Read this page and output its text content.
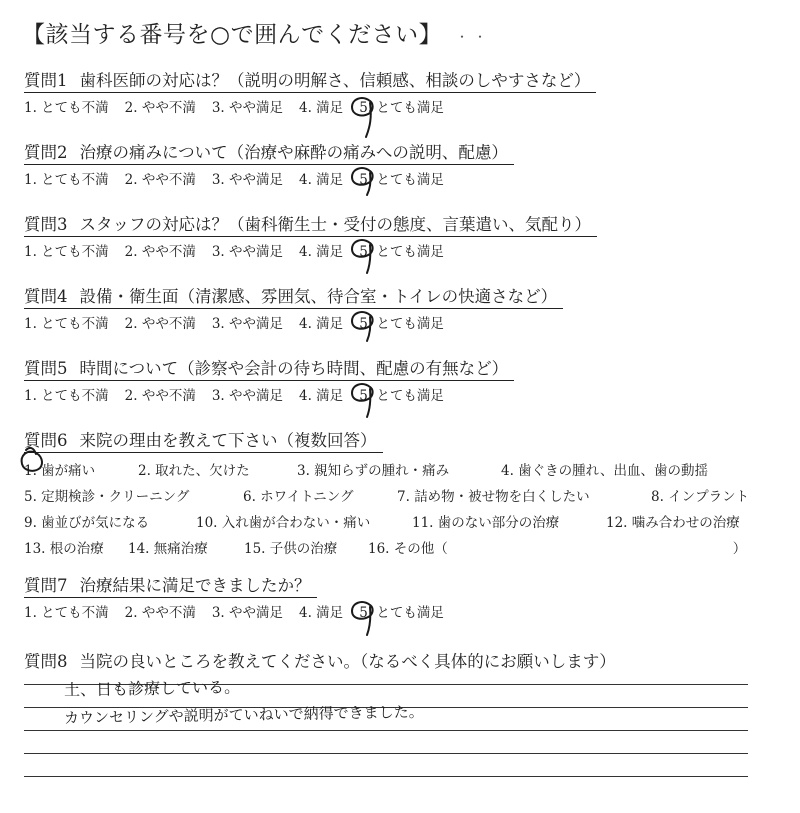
【該当する番号を○で囲んでください】 ・・
質問1 歯科医師の対応は？（説明の明解さ、信頼感、相談のしやすさなど）
1. とても不満 2. やや不満 3. やや満足 4. 満足 5. とても満足
質問2 治療の痛みについて（治療や麻酔の痛みへの説明、配慮）
1. とても不満 2. やや不満 3. やや満足 4. 満足 5. とても満足
質問3 スタッフの対応は？（歯科衛生士・受付の態度、言葉遣い、気配り）
1. とても不満 2. やや不満 3. やや満足 4. 満足 5. とても満足
質問4 設備・衛生面（清潔感、雰囲気、待合室・トイレの快適さなど）
1. とても不満 2. やや不満 3. やや満足 4. 満足 5. とても満足
質問5 時間について（診察や会計の待ち時間、配慮の有無など）
1. とても不満 2. やや不満 3. やや満足 4. 満足 5. とても満足
質問6 来院の理由を教えて下さい（複数回答）
1. 歯が痛い	2. 取れた、欠けた	3. 親知らずの腫れ・痛み	4. 歯ぐきの腫れ、出血、歯の動揺
5. 定期検診・クリーニング	6. ホワイトニング	7. 詰め物・被せ物を白くしたい	8. インプラント
9. 歯並びが気になる	10. 入れ歯が合わない・痛い	11. 歯のない部分の治療	12. 噛み合わせの治療
13. 根の治療	14. 無痛治療	15. 子供の治療	16. その他（	）
質問7 治療結果に満足できましたか？
1. とても不満 2. やや不満 3. やや満足 4. 満足 5. とても満足
質問8 当院の良いところを教えてください。（なるべく具体的にお願いします）
土、日も診療している。
カウンセリングや説明がていねいで納得できました。
